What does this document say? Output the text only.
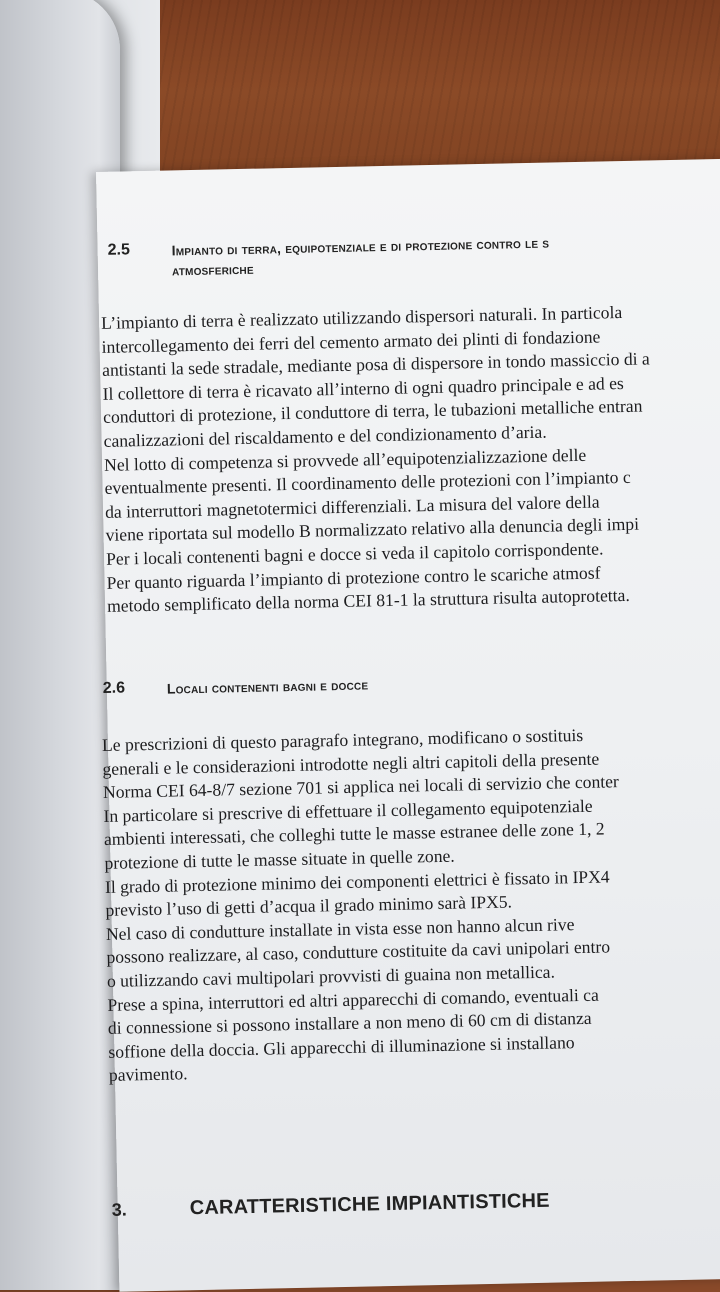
2.5	Impianto di terra, equipotenziale e di protezione contro le s
atmosferiche

L’impianto di terra è realizzato utilizzando dispersori naturali. In particola

intercollegamento dei ferri del cemento armato dei plinti di fondazione

antistanti la sede stradale, mediante posa di dispersore in tondo massiccio di a

Il collettore di terra è ricavato all’interno di ogni quadro principale e ad es

conduttori di protezione, il conduttore di terra, le tubazioni metalliche entran

canalizzazioni del riscaldamento e del condizionamento d’aria.

Nel lotto di competenza si provvede all’equipotenzializzazione delle

eventualmente presenti. Il coordinamento delle protezioni con l’impianto c

da interruttori magnetotermici differenziali. La misura del valore della

viene riportata sul modello B normalizzato relativo alla denuncia degli impi

Per i locali contenenti bagni e docce si veda il capitolo corrispondente.

Per quanto riguarda l’impianto di protezione contro le scariche atmosf

metodo semplificato della norma CEI 81-1 la struttura risulta autoprotetta.

2.6	Locali contenenti bagni e docce

Le prescrizioni di questo paragrafo integrano, modificano o sostituis

generali e le considerazioni introdotte negli altri capitoli della presente

Norma CEI 64-8/7 sezione 701 si applica nei locali di servizio che conter

In particolare si prescrive di effettuare il collegamento equipotenziale

ambienti interessati, che colleghi tutte le masse estranee delle zone 1, 2

protezione di tutte le masse situate in quelle zone.

Il grado di protezione minimo dei componenti elettrici è fissato in IPX4

previsto l’uso di getti d’acqua il grado minimo sarà IPX5.

Nel caso di condutture installate in vista esse non hanno alcun rive

possono realizzare, al caso, condutture costituite da cavi unipolari entro

o utilizzando cavi multipolari provvisti di guaina non metallica.

Prese a spina, interruttori ed altri apparecchi di comando, eventuali ca

di connessione si possono installare a non meno di 60 cm di distanza

soffione della doccia. Gli apparecchi di illuminazione si installano

pavimento.

3.	CARATTERISTICHE IMPIANTISTICHE
